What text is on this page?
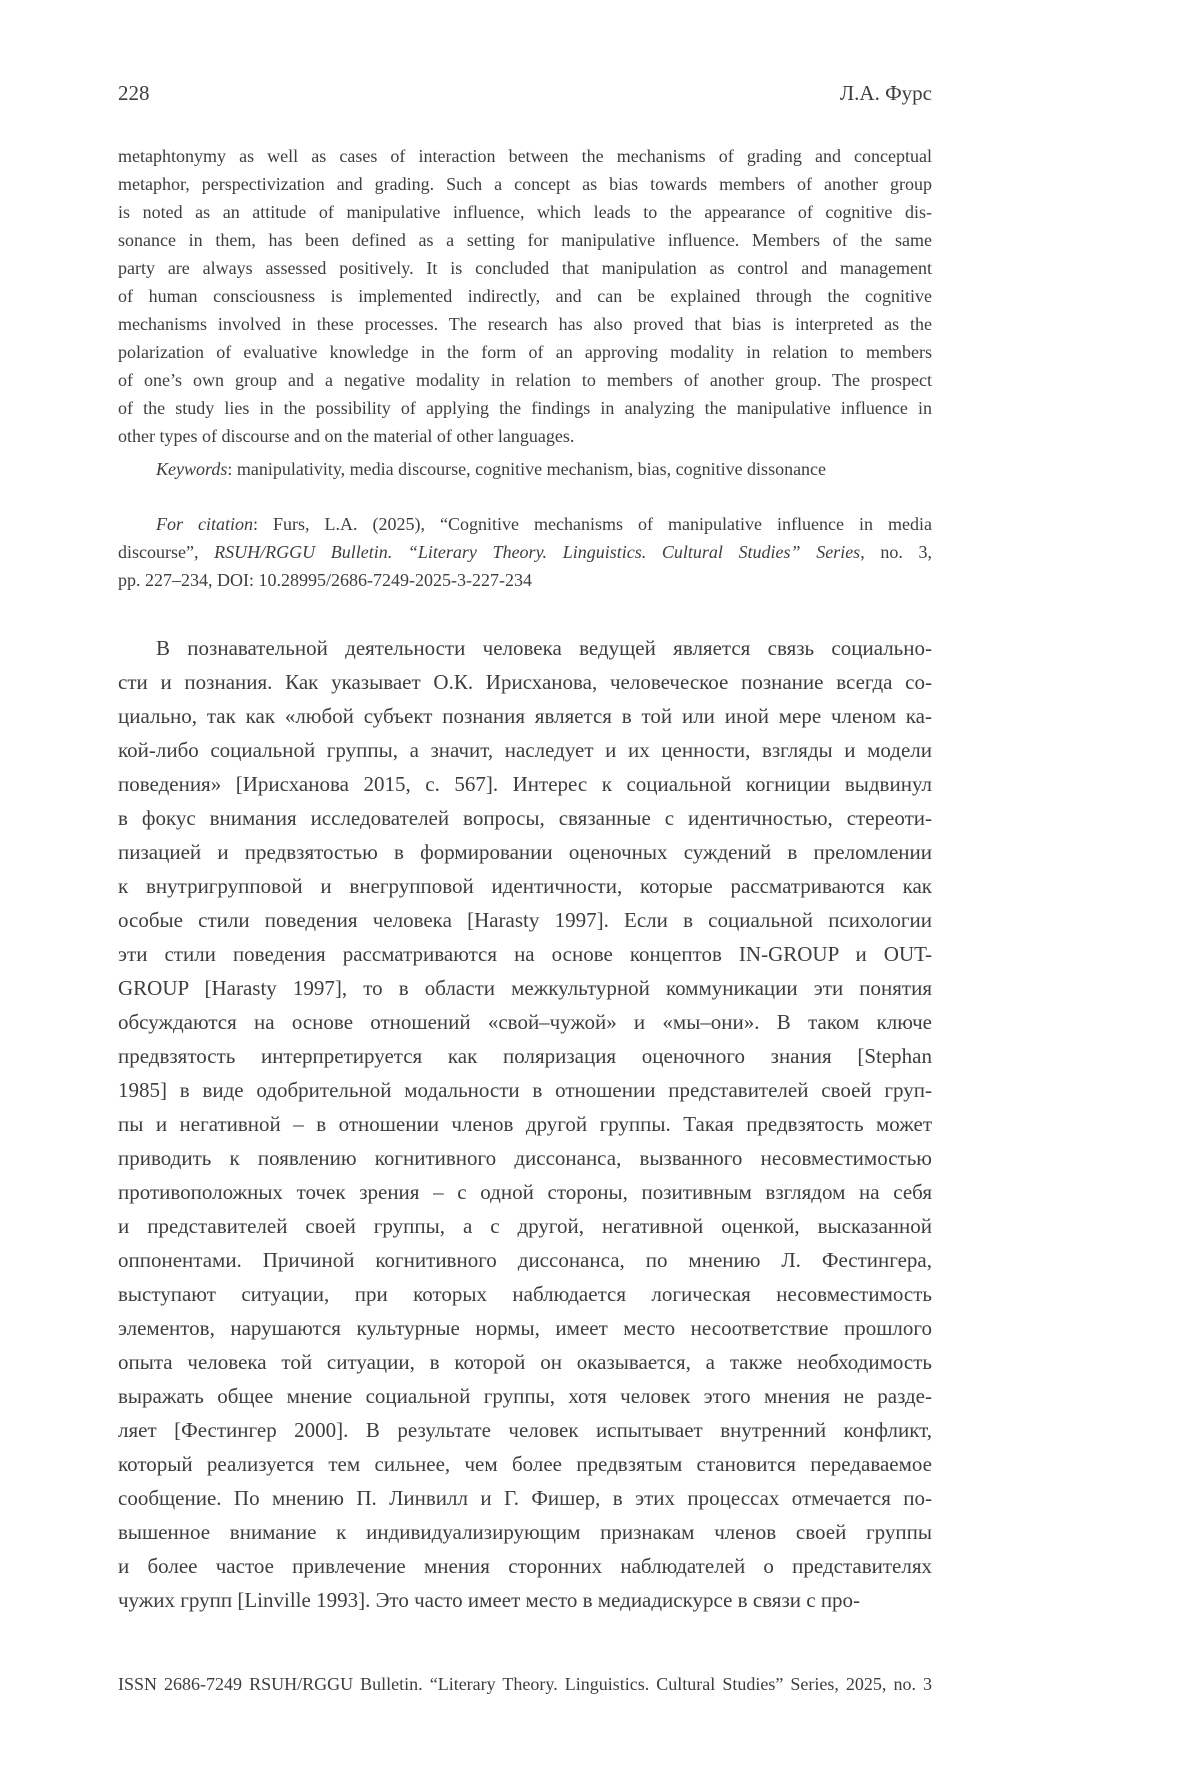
228	Л.А. Фурс
metaphtonymy as well as cases of interaction between the mechanisms of grading and conceptual
metaphor, perspectivization and grading. Such a concept as bias towards members of another group
is noted as an attitude of manipulative influence, which leads to the appearance of cognitive dis-
sonance in them, has been defined as a setting for manipulative influence. Members of the same
party are always assessed positively. It is concluded that manipulation as control and management
of human consciousness is implemented indirectly, and can be explained through the cognitive
mechanisms involved in these processes. The research has also proved that bias is interpreted as the
polarization of evaluative knowledge in the form of an approving modality in relation to members
of one’s own group and a negative modality in relation to members of another group. The prospect
of the study lies in the possibility of applying the findings in analyzing the manipulative influence in
other types of discourse and on the material of other languages.
Keywords: manipulativity, media discourse, cognitive mechanism, bias, cognitive dissonance
For citation: Furs, L.A. (2025), “Cognitive mechanisms of manipulative influence in media
discourse”, RSUH/RGGU Bulletin. “Literary Theory. Linguistics. Cultural Studies” Series, no. 3,
pp. 227–234, DOI: 10.28995/2686-7249-2025-3-227-234
В познавательной деятельности человека ведущей является связь социально-
сти и познания. Как указывает О.К. Ирисханова, человеческое познание всегда со-
циально, так как «любой субъект познания является в той или иной мере членом ка-
кой-либо социальной группы, а значит, наследует и их ценности, взгляды и модели
поведения» [Ирисханова 2015, с. 567]. Интерес к социальной когниции выдвинул
в фокус внимания исследователей вопросы, связанные с идентичностью, стереоти-
пизацией и предвзятостью в формировании оценочных суждений в преломлении
к внутригрупповой и внегрупповой идентичности, которые рассматриваются как
особые стили поведения человека [Harasty 1997]. Если в социальной психологии
эти стили поведения рассматриваются на основе концептов IN-GROUP и OUT-
GROUP [Harasty 1997], то в области межкультурной коммуникации эти понятия
обсуждаются на основе отношений «свой–чужой» и «мы–они». В таком ключе
предвзятость интерпретируется как поляризация оценочного знания [Stephan
1985] в виде одобрительной модальности в отношении представителей своей груп-
пы и негативной – в отношении членов другой группы. Такая предвзятость может
приводить к появлению когнитивного диссонанса, вызванного несовместимостью
противоположных точек зрения – с одной стороны, позитивным взглядом на себя
и представителей своей группы, а с другой, негативной оценкой, высказанной
оппонентами. Причиной когнитивного диссонанса, по мнению Л. Фестингера,
выступают ситуации, при которых наблюдается логическая несовместимость
элементов, нарушаются культурные нормы, имеет место несоответствие прошлого
опыта человека той ситуации, в которой он оказывается, а также необходимость
выражать общее мнение социальной группы, хотя человек этого мнения не разде-
ляет [Фестингер 2000]. В результате человек испытывает внутренний конфликт,
который реализуется тем сильнее, чем более предвзятым становится передаваемое
сообщение. По мнению П. Линвилл и Г. Фишер, в этих процессах отмечается по-
вышенное внимание к индивидуализирующим признакам членов своей группы
и более частое привлечение мнения сторонних наблюдателей о представителях
чужих групп [Linville 1993]. Это часто имеет место в медиадискурсе в связи с про-
ISSN 2686-7249 RSUH/RGGU Bulletin. “Literary Theory. Linguistics. Cultural Studies” Series, 2025, no. 3
